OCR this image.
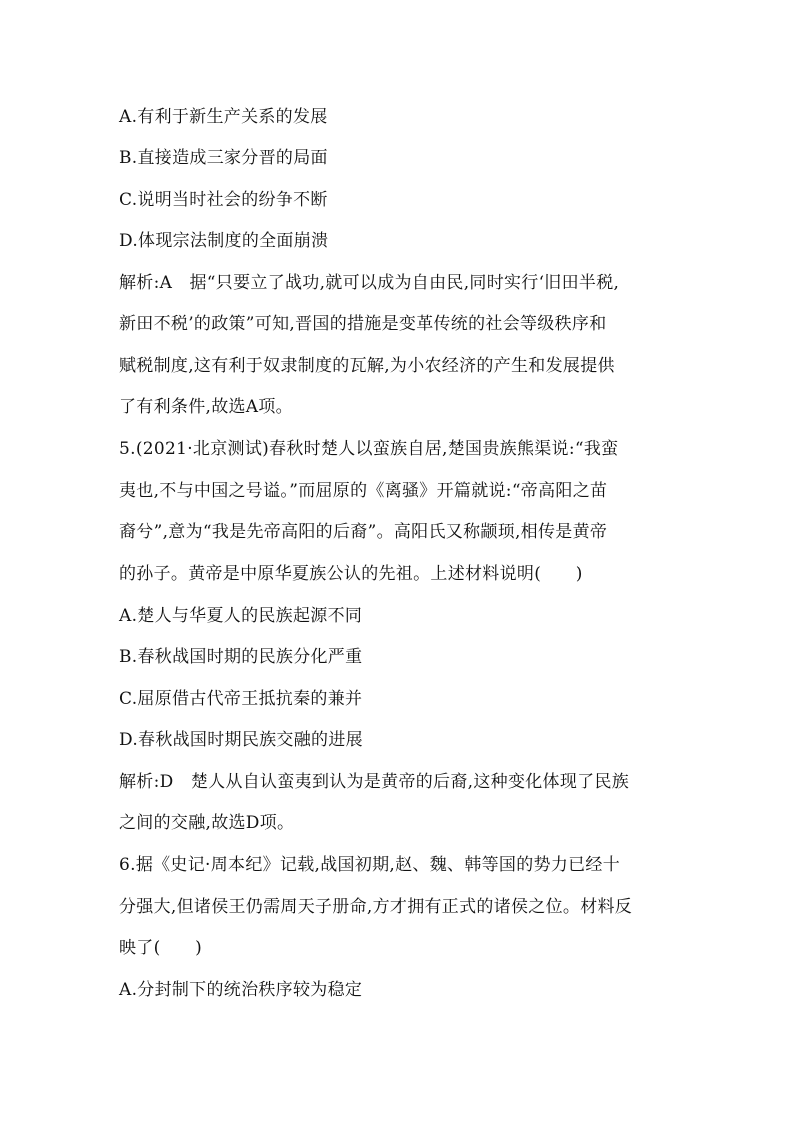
A.有利于新生产关系的发展
B.直接造成三家分晋的局面
C.说明当时社会的纷争不断
D.体现宗法制度的全面崩溃
解析:A　据“只要立了战功,就可以成为自由民,同时实行‘旧田半税,
新田不税’的政策”可知,晋国的措施是变革传统的社会等级秩序和
赋税制度,这有利于奴隶制度的瓦解,为小农经济的产生和发展提供
了有利条件,故选A项。
5.(2021·北京测试)春秋时楚人以蛮族自居,楚国贵族熊渠说:“我蛮
夷也,不与中国之号谥。”而屈原的《离骚》开篇就说:“帝高阳之苗
裔兮”,意为“我是先帝高阳的后裔”。高阳氏又称颛顼,相传是黄帝
的孙子。黄帝是中原华夏族公认的先祖。上述材料说明(　　)
A.楚人与华夏人的民族起源不同
B.春秋战国时期的民族分化严重
C.屈原借古代帝王抵抗秦的兼并
D.春秋战国时期民族交融的进展
解析:D　楚人从自认蛮夷到认为是黄帝的后裔,这种变化体现了民族
之间的交融,故选D项。
6.据《史记·周本纪》记载,战国初期,赵、魏、韩等国的势力已经十
分强大,但诸侯王仍需周天子册命,方才拥有正式的诸侯之位。材料反
映了(　　)
A.分封制下的统治秩序较为稳定
